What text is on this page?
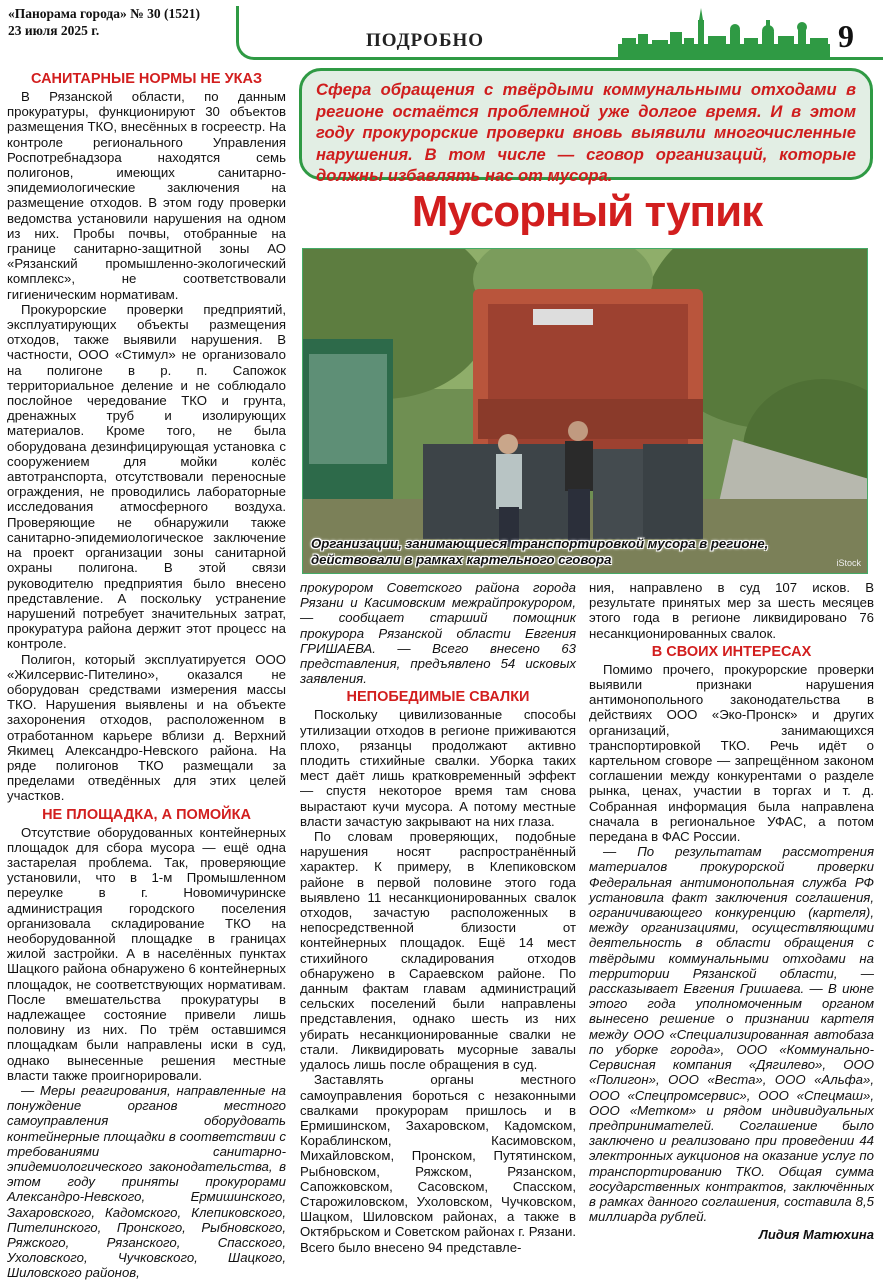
«Панорама города» № 30 (1521)
23 июля 2025 г.	ПОДРОБНО	9

Сфера обращения с твёрдыми коммунальными отходами в регионе остаётся проблемной уже долгое время. И в этом году прокурорские проверки вновь выявили многочисленные нарушения. В том числе — сговор организаций, которые должны избавлять нас от мусора.

Мусорный тупик
Организации, занимающиеся транспортировкой мусора в регионе, действовали в рамках картельного сговора	iStock
САНИТАРНЫЕ НОРМЫ НЕ УКАЗ

В Рязанской области, по данным прокуратуры, функционируют 30 объектов размещения ТКО, внесённых в госреестр. На контроле регионального Управления Роспотребнадзора находятся семь полигонов, имеющих санитарно-эпидемиологические заключения на размещение отходов. В этом году проверки ведомства установили нарушения на одном из них. Пробы почвы, отобранные на границе санитарно-защитной зоны АО «Рязанский промышленно-экологический комплекс», не соответствовали гигиеническим нормативам.

Прокурорские проверки предприятий, эксплуатирующих объекты размещения отходов, также выявили нарушения. В частности, ООО «Стимул» не организовало на полигоне в р. п. Сапожок территориальное деление и не соблюдало послойное чередование ТКО и грунта, дренажных труб и изолирующих материалов. Кроме того, не была оборудована дезинфицирующая установка с сооружением для мойки колёс автотранспорта, отсутствовали переносные ограждения, не проводились лабораторные исследования атмосферного воздуха. Проверяющие не обнаружили также санитарно-эпидемиологическое заключение на проект организации зоны санитарной охраны полигона. В этой связи руководителю предприятия было внесено представление. А поскольку устранение нарушений потребует значительных затрат, прокуратура района держит этот процесс на контроле.

Полигон, который эксплуатируется ООО «Жилсервис-Пителино», оказался не оборудован средствами измерения массы ТКО. Нарушения выявлены и на объекте захоронения отходов, расположенном в отработанном карьере вблизи д. Верхний Якимец Александро-Невского района. На ряде полигонов ТКО размещали за пределами отведённых для этих целей участков.

НЕ ПЛОЩАДКА, А ПОМОЙКА

Отсутствие оборудованных контейнерных площадок для сбора мусора — ещё одна застарелая проблема. Так, проверяющие установили, что в 1-м Промышленном переулке в г. Новомичуринске администрация городского поселения организовала складирование ТКО на необорудованной площадке в границах жилой застройки. А в населённых пунктах Шацкого района обнаружено 6 контейнерных площадок, не соответствующих нормативам. После вмешательства прокуратуры в надлежащее состояние привели лишь половину из них. По трём оставшимся площадкам были направлены иски в суд, однако вынесенные решения местные власти также проигнорировали.

— Меры реагирования, направленные на понуждение органов местного самоуправления оборудовать контейнерные площадки в соответствии с требованиями санитарно-эпидемиологического законодательства, в этом году приняты прокурорами Александро-Невского, Ермишинского, Захаровского, Кадомского, Клепиковского, Пителинского, Пронского, Рыбновского, Ряжского, Рязанского, Спасского, Ухоловского, Чучковского, Шацкого, Шиловского районов,

прокурором Советского района города Рязани и Касимовским межрайпрокурором, — сообщает старший помощник прокурора Рязанской области Евгения ГРИШАЕВА. — Всего внесено 63 представления, предъявлено 54 исковых заявления.

НЕПОБЕДИМЫЕ СВАЛКИ

Поскольку цивилизованные способы утилизации отходов в регионе приживаются плохо, рязанцы продолжают активно плодить стихийные свалки. Уборка таких мест даёт лишь кратковременный эффект — спустя некоторое время там снова вырастают кучи мусора. А потому местные власти зачастую закрывают на них глаза.

По словам проверяющих, подобные нарушения носят распространённый характер. К примеру, в Клепиковском районе в первой половине этого года выявлено 11 несанкционированных свалок отходов, зачастую расположенных в непосредственной близости от контейнерных площадок. Ещё 14 мест стихийного складирования отходов обнаружено в Сараевском районе. По данным фактам главам администраций сельских поселений были направлены представления, однако шесть из них убирать несанкционированные свалки не стали. Ликвидировать мусорные завалы удалось лишь после обращения в суд.

Заставлять органы местного самоуправления бороться с незаконными свалками прокурорам пришлось и в Ермишинском, Захаровском, Кадомском, Кораблинском, Касимовском, Михайловском, Пронском, Путятинском, Рыбновском, Ряжском, Рязанском, Сапожковском, Сасовском, Спасском, Старожиловском, Ухоловском, Чучковском, Шацком, Шиловском районах, а также в Октябрьском и Советском районах г. Рязани. Всего было внесено 94 представле-

ния, направлено в суд 107 исков. В результате принятых мер за шесть месяцев этого года в регионе ликвидировано 76 несанкционированных свалок.

В СВОИХ ИНТЕРЕСАХ

Помимо прочего, прокурорские проверки выявили признаки нарушения антимонопольного законодательства в действиях ООО «Эко-Пронск» и других организаций, занимающихся транспортировкой ТКО. Речь идёт о картельном сговоре — запрещённом законом соглашении между конкурентами о разделе рынка, ценах, участии в торгах и т. д. Собранная информация была направлена сначала в региональное УФАС, а потом передана в ФАС России.

— По результатам рассмотрения материалов прокурорской проверки Федеральная антимонопольная служба РФ установила факт заключения соглашения, ограничивающего конкуренцию (картеля), между организациями, осуществляющими деятельность в области обращения с твёрдыми коммунальными отходами на территории Рязанской области, — рассказывает Евгения Гришаева. — В июне этого года уполномоченным органом вынесено решение о признании картеля между ООО «Специализированная автобаза по уборке города», ООО «Коммунально-Сервисная компания «Дягилево», ООО «Полигон», ООО «Веста», ООО «Альфа», ООО «Спецпромсервис», ООО «Спецмаш», ООО «Метком» и рядом индивидуальных предпринимателей. Соглашение было заключено и реализовано при проведении 44 электронных аукционов на оказание услуг по транспортированию ТКО. Общая сумма государственных контрактов, заключённых в рамках данного соглашения, составила 8,5 миллиарда рублей.

Лидия Матюхина
